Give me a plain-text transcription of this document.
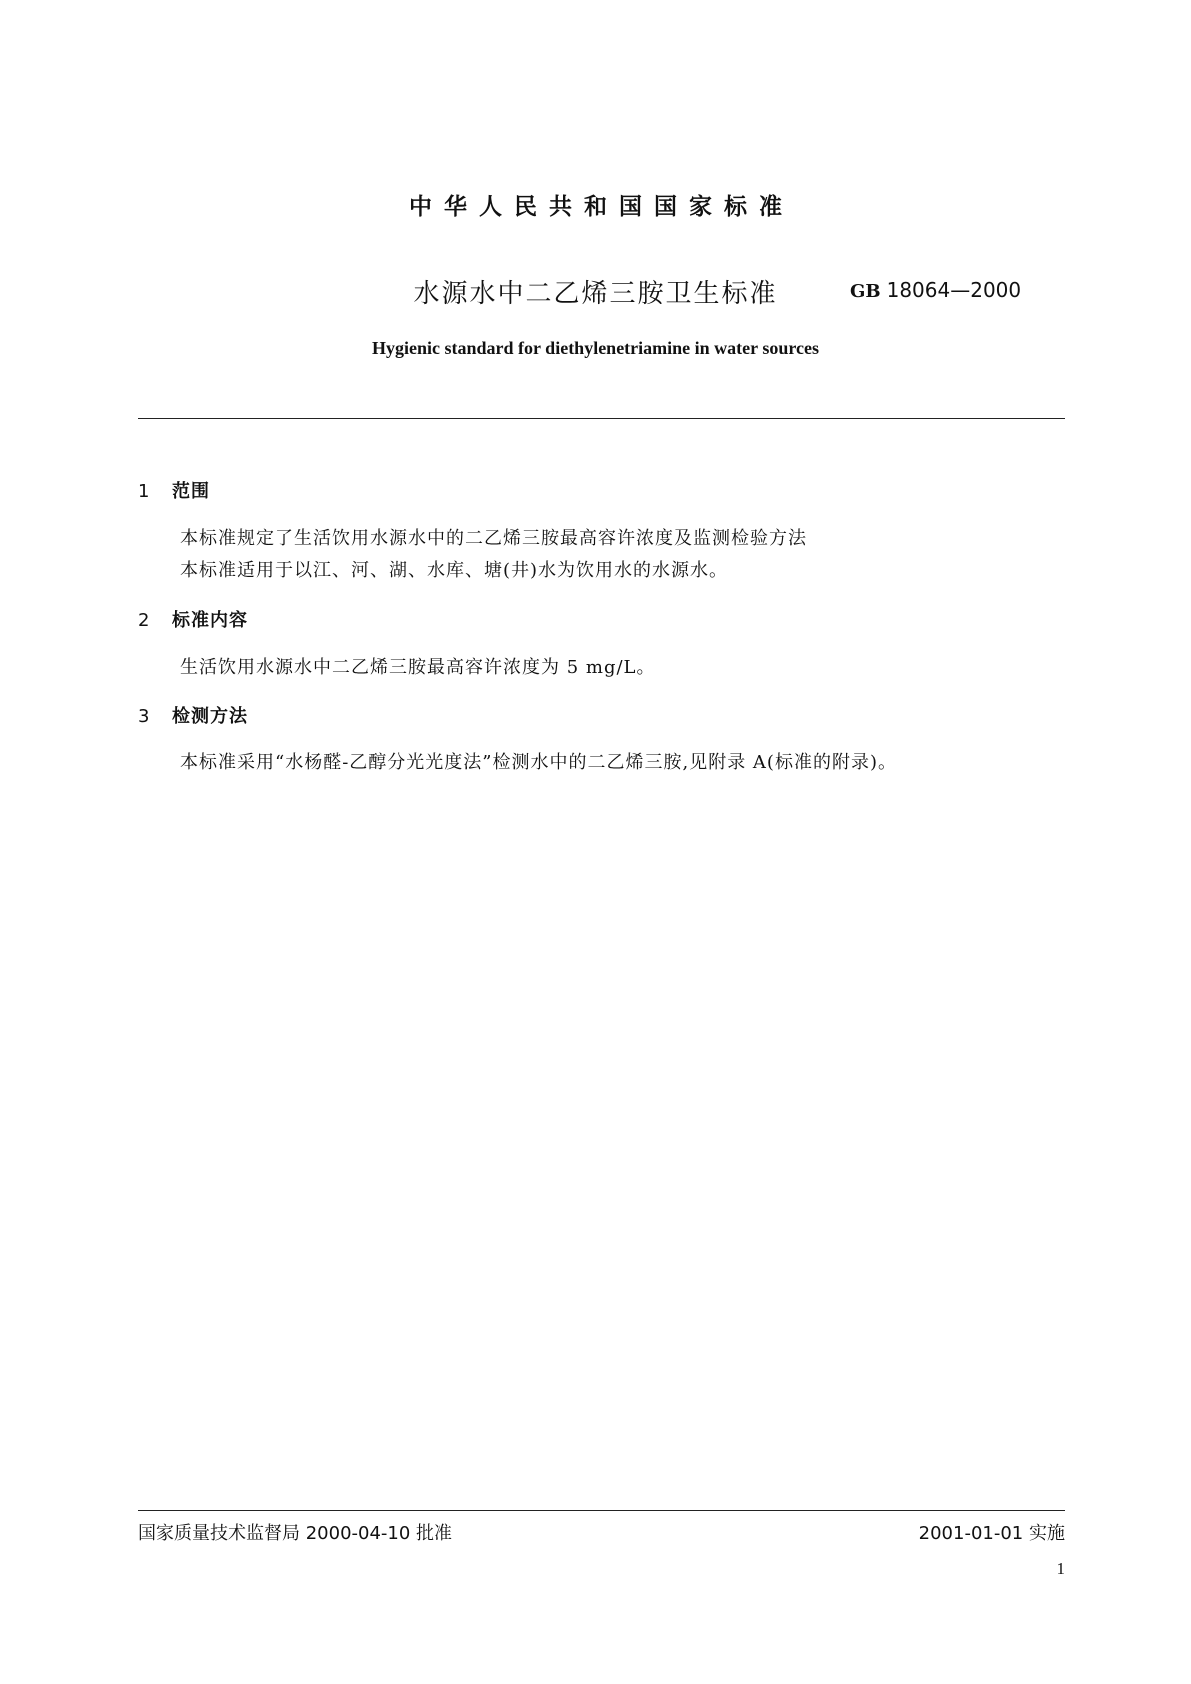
中华人民共和国国家标准
水源水中二乙烯三胺卫生标准	GB 18064—2000
Hygienic standard for diethylenetriamine in water sources
1 范围
本标准规定了生活饮用水源水中的二乙烯三胺最高容许浓度及监测检验方法
本标准适用于以江、河、湖、水库、塘(井)水为饮用水的水源水。
2 标准内容
生活饮用水源水中二乙烯三胺最高容许浓度为 5 mg/L。
3 检测方法
本标准采用“水杨醛-乙醇分光光度法”检测水中的二乙烯三胺,见附录 A(标准的附录)。
国家质量技术监督局 2000-04-10 批准	2001-01-01 实施
1
